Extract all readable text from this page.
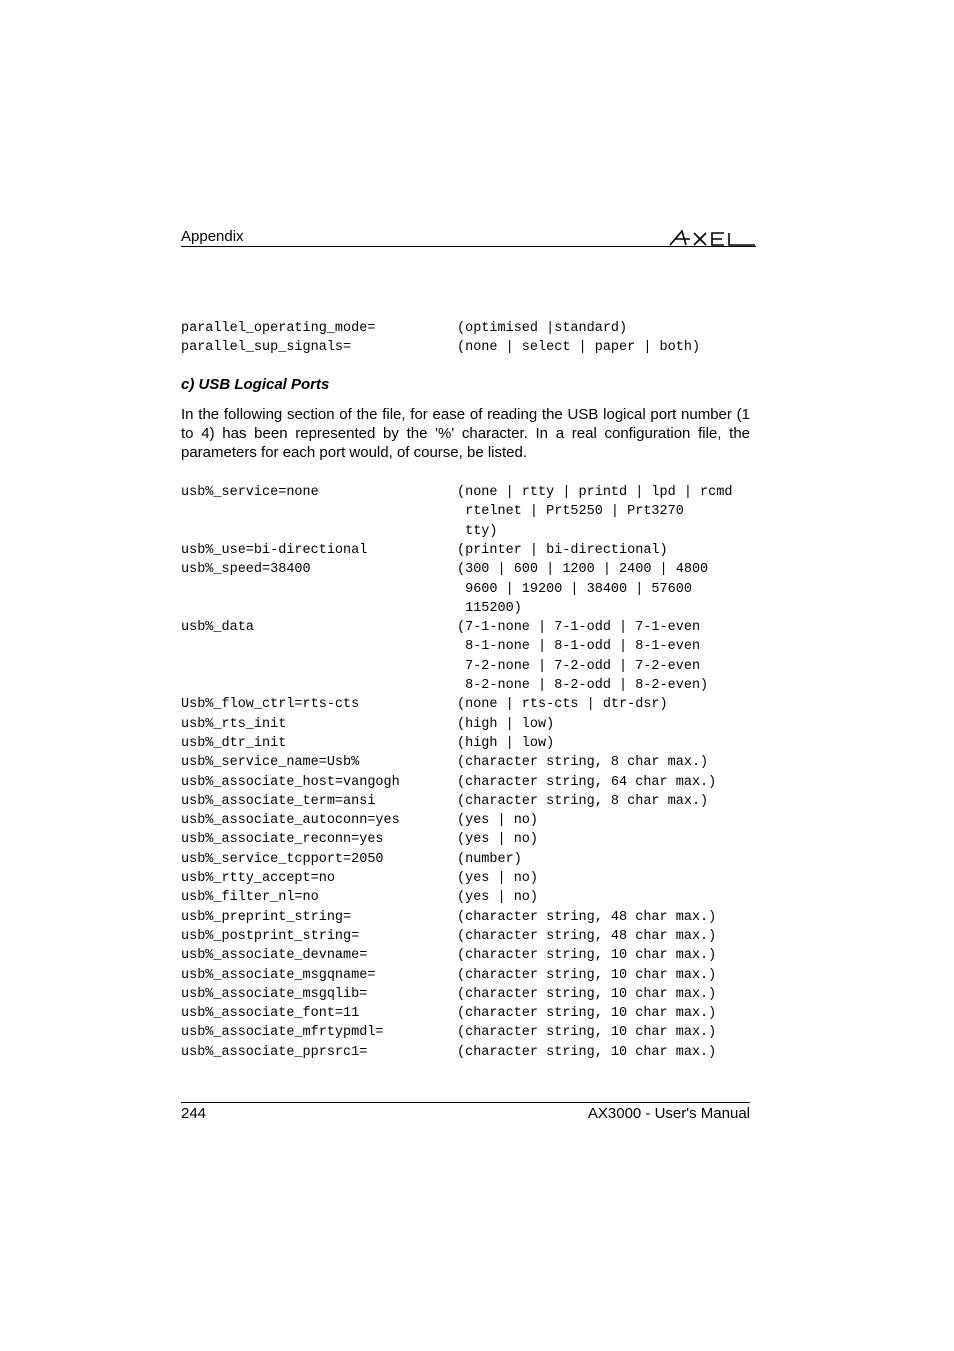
Appendix
parallel_operating_mode=	(optimised |standard)
parallel_sup_signals=	(none | select | paper | both)
c) USB Logical Ports
In the following section of the file, for ease of reading the USB logical port number (1 to 4) has been represented by the '%' character. In a real configuration file, the parameters for each port would, of course, be listed.
usb%_service=none	(none | rtty | printd | lpd | rcmd
rtelnet | Prt5250 | Prt3270
tty)
usb%_use=bi-directional	(printer | bi-directional)
usb%_speed=38400	(300 | 600 | 1200 | 2400 | 4800
9600 | 19200 | 38400 | 57600
115200)
usb%_data	(7-1-none | 7-1-odd | 7-1-even
8-1-none | 8-1-odd | 8-1-even
7-2-none | 7-2-odd | 7-2-even
8-2-none | 8-2-odd | 8-2-even)
Usb%_flow_ctrl=rts-cts	(none | rts-cts | dtr-dsr)
usb%_rts_init	(high | low)
usb%_dtr_init	(high | low)
usb%_service_name=Usb%	(character string, 8 char max.)
usb%_associate_host=vangogh	(character string, 64 char max.)
usb%_associate_term=ansi	(character string, 8 char max.)
usb%_associate_autoconn=yes	(yes | no)
usb%_associate_reconn=yes	(yes | no)
usb%_service_tcpport=2050	(number)
usb%_rtty_accept=no	(yes | no)
usb%_filter_nl=no	(yes | no)
usb%_preprint_string=	(character string, 48 char max.)
usb%_postprint_string=	(character string, 48 char max.)
usb%_associate_devname=	(character string, 10 char max.)
usb%_associate_msgqname=	(character string, 10 char max.)
usb%_associate_msgqlib=	(character string, 10 char max.)
usb%_associate_font=11	(character string, 10 char max.)
usb%_associate_mfrtypmdl=	(character string, 10 char max.)
usb%_associate_pprsrc1=	(character string, 10 char max.)
244	AX3000 - User's Manual
